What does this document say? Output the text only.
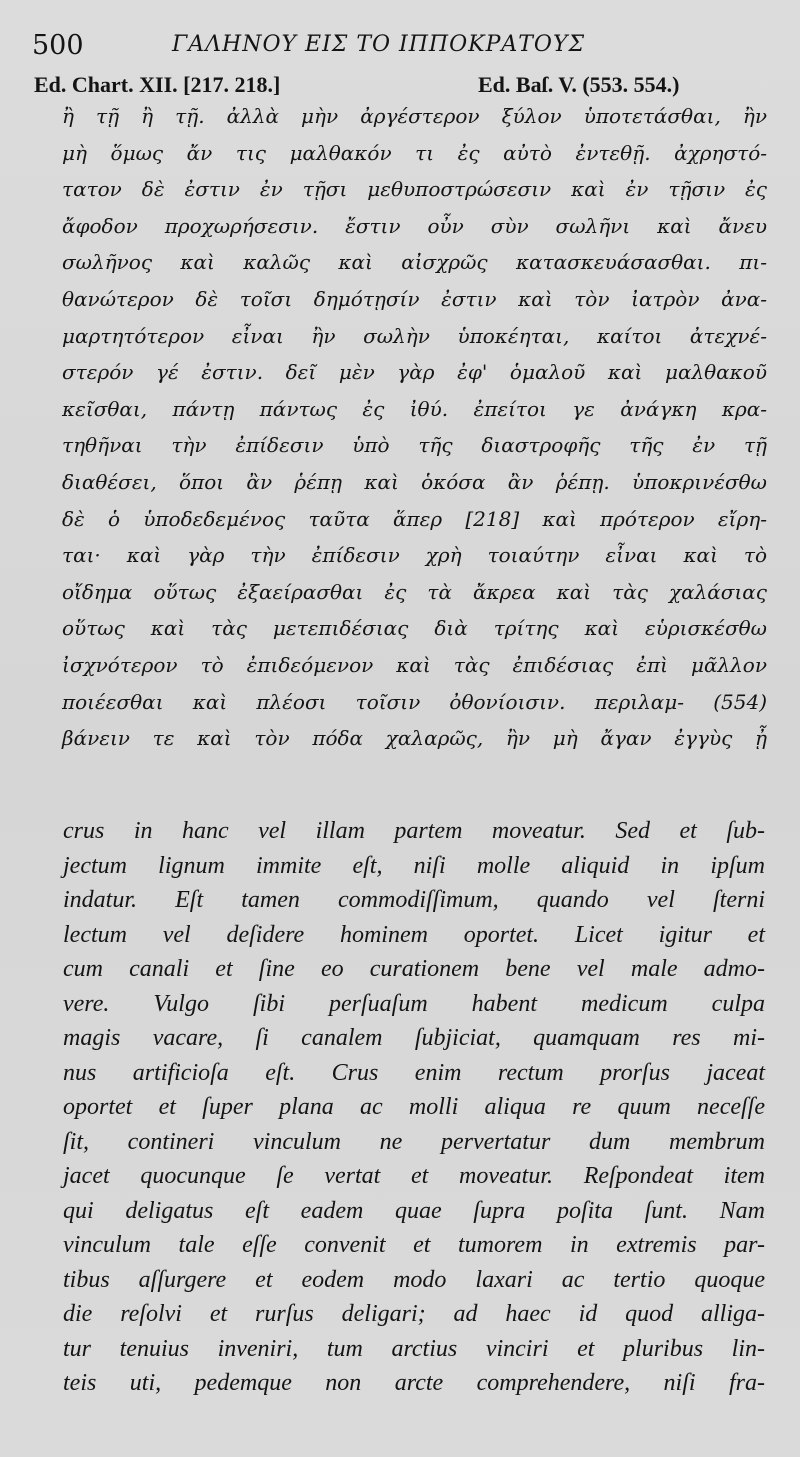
500	ΓΑΛΗΝΟΥ ΕΙΣ ΤΟ ΙΠΠΟΚΡΑΤΟΥΣ
Ed. Chart. XII. [217. 218.]	Ed. Baſ. V. (553. 554.)
ἢ τῇ ἢ τῇ. ἀλλὰ μὴν ἀργέστερον ξύλον ὑποτετάσθαι, ἢν
μὴ ὅμως ἄν τις μαλθακόν τι ἐς αὐτὸ ἐντεθῇ. ἀχρηστό-
τατον δὲ ἐστιν ἐν τῇσι μεθυποστρώσεσιν καὶ ἐν τῇσιν ἐς
ἄφοδον προχωρήσεσιν. ἔστιν οὖν σὺν σωλῆνι καὶ ἄνευ
σωλῆνος καὶ καλῶς καὶ αἰσχρῶς κατασκευάσασθαι. πι-
θανώτερον δὲ τοῖσι δημότῃσίν ἐστιν καὶ τὸν ἰατρὸν ἀνα-
μαρτητότερον εἶναι ἢν σωλὴν ὑποκέηται, καίτοι ἀτεχνέ-
στερόν γέ ἐστιν. δεῖ μὲν γὰρ ἐφ' ὁμαλοῦ καὶ μαλθακοῦ
κεῖσθαι, πάντῃ πάντως ἐς ἰθύ. ἐπείτοι γε ἀνάγκη κρα-
τηθῆναι τὴν ἐπίδεσιν ὑπὸ τῆς διαστροφῆς τῆς ἐν τῇ
διαθέσει, ὅποι ἂν ῥέπῃ καὶ ὁκόσα ἂν ῥέπῃ. ὑποκρινέσθω
δὲ ὁ ὑποδεδεμένος ταῦτα ἅπερ [218] καὶ πρότερον εἴρη-
ται· καὶ γὰρ τὴν ἐπίδεσιν χρὴ τοιαύτην εἶναι καὶ τὸ
οἴδημα οὕτως ἐξαείρασθαι ἐς τὰ ἄκρεα καὶ τὰς χαλάσιας
οὕτως καὶ τὰς μετεπιδέσιας διὰ τρίτης καὶ εὑρισκέσθω
ἰσχνότερον τὸ ἐπιδεόμενον καὶ τὰς ἐπιδέσιας ἐπὶ μᾶλλον
ποιέεσθαι καὶ πλέοσι τοῖσιν ὀθονίοισιν. περιλαμ- (554)
βάνειν τε καὶ τὸν πόδα χαλαρῶς, ἢν μὴ ἄγαν ἐγγὺς ᾖ
crus in hanc vel illam partem moveatur. Sed et ſub-
jectum lignum immite eſt, niſi molle aliquid in ipſum
indatur. Eſt tamen commodiſſimum, quando vel ſterni
lectum vel deſidere hominem oportet. Licet igitur et
cum canali et ſine eo curationem bene vel male admo-
vere. Vulgo ſibi perſuaſum habent medicum culpa
magis vacare, ſi canalem ſubjiciat, quamquam res mi-
nus artificioſa eſt. Crus enim rectum prorſus jaceat
oportet et ſuper plana ac molli aliqua re quum neceſſe
ſit, contineri vinculum ne pervertatur dum membrum
jacet quocunque ſe vertat et moveatur. Reſpondeat item
qui deligatus eſt eadem quae ſupra poſita ſunt. Nam
vinculum tale eſſe convenit et tumorem in extremis par-
tibus aſſurgere et eodem modo laxari ac tertio quoque
die reſolvi et rurſus deligari; ad haec id quod alliga-
tur tenuius inveniri, tum arctius vinciri et pluribus lin-
teis uti, pedemque non arcte comprehendere, niſi fra-
